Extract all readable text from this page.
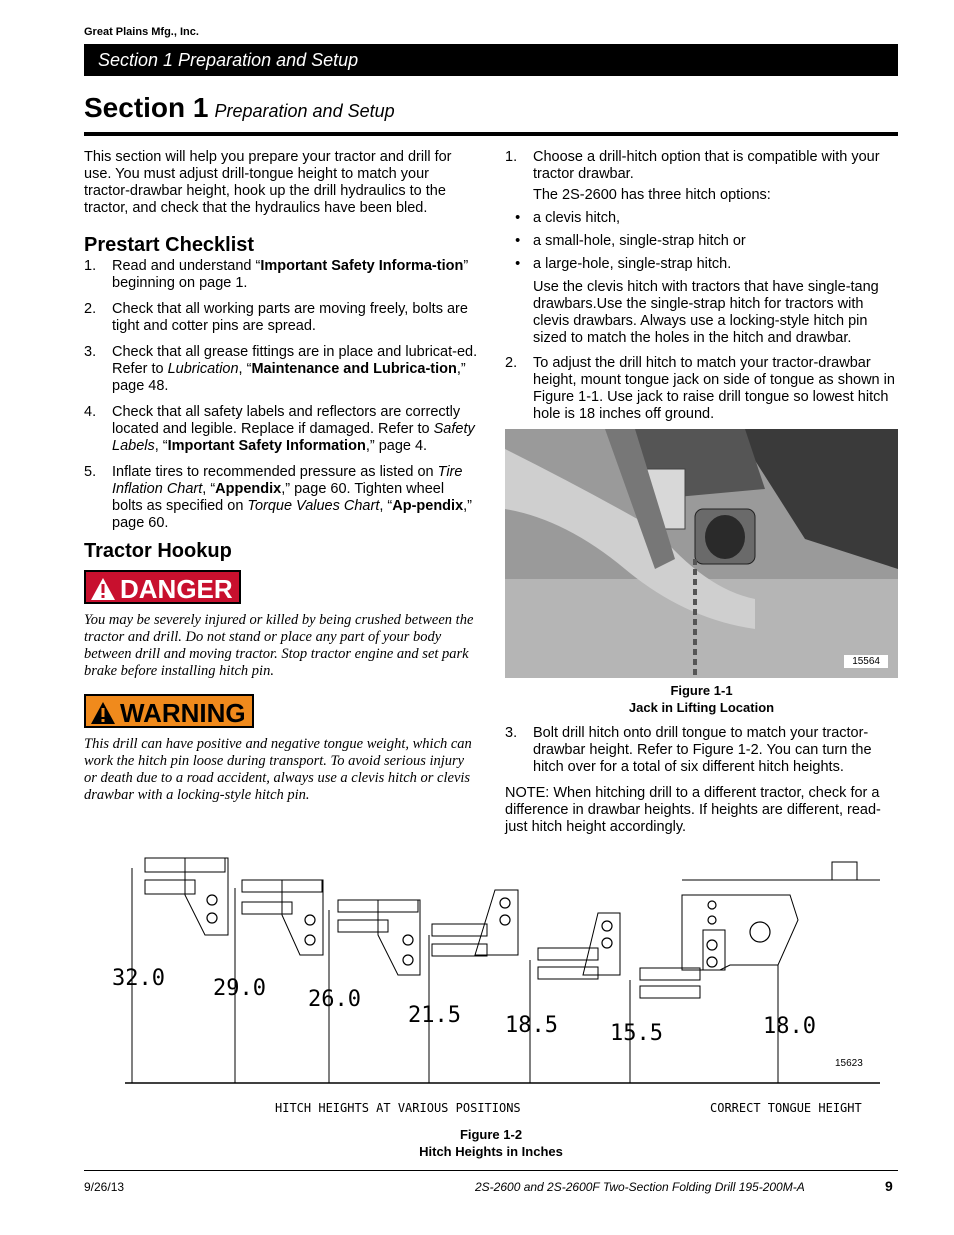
Great Plains Mfg., Inc.
Section 1 Preparation and Setup
Section 1 Preparation and Setup

This section will help you prepare your tractor and drill for use. You must adjust drill-tongue height to match your tractor-drawbar height, hook up the drill hydraulics to the tractor, and check that the hydraulics have been bled.

Prestart Checklist
1. Read and understand “Important Safety Informa-tion” beginning on page 1.
2. Check that all working parts are moving freely, bolts are tight and cotter pins are spread.
3. Check that all grease fittings are in place and lubricat-ed. Refer to Lubrication, “Maintenance and Lubrica-tion,” page 48.
4. Check that all safety labels and reflectors are correctly located and legible. Replace if damaged. Refer to Safety Labels, “Important Safety Information,” page 4.
5. Inflate tires to recommended pressure as listed on Tire Inflation Chart, “Appendix,” page 60. Tighten wheel bolts as specified on Torque Values Chart, “Ap-pendix,” page 60.
Tractor Hookup
DANGER

You may be severely injured or killed by being crushed between the tractor and drill. Do not stand or place any part of your body between drill and moving tractor. Stop tractor engine and set park brake before installing hitch pin.

WARNING

This drill can have positive and negative tongue weight, which can work the hitch pin loose during transport. To avoid serious injury or death due to a road accident, always use a clevis hitch or clevis drawbar with a locking-style hitch pin.

1. Choose a drill-hitch option that is compatible with your tractor drawbar.

The 2S-2600 has three hitch options:

• a clevis hitch,
• a small-hole, single-strap hitch or
• a large-hole, single-strap hitch.

Use the clevis hitch with tractors that have single-tang drawbars.Use the single-strap hitch for tractors with clevis drawbars. Always use a locking-style hitch pin sized to match the holes in the hitch and drawbar.

2. To adjust the drill hitch to match your tractor-drawbar height, mount tongue jack on side of tongue as shown in Figure 1-1. Use jack to raise drill tongue so lowest hitch hole is 18 inches off ground.
15564
Figure 1-1
Jack in Lifting Location
3. Bolt drill hitch onto drill tongue to match your tractor-drawbar height. Refer to Figure 1-2. You can turn the hitch over for a total of six different hitch heights.

NOTE: When hitching drill to a different tractor, check for a difference in drawbar heights. If heights are different, read-just hitch height accordingly.

32.0 29.0 26.0
21.5 18.5 15.5	18.0
15623
HITCH HEIGHTS AT VARIOUS POSITIONS	CORRECT TONGUE HEIGHT
Figure 1-2
Hitch Heights in Inches
9/26/13	2S-2600 and 2S-2600F Two-Section Folding Drill 195-200M-A	9
